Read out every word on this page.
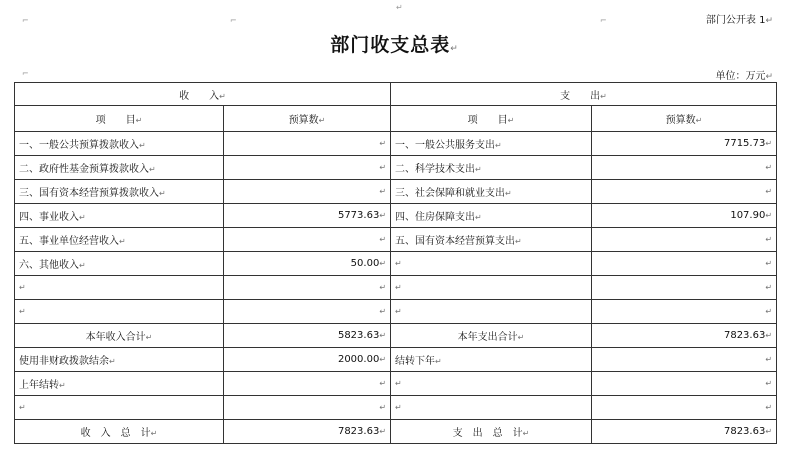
⌐	⌐
↵
⌐
⌐
部门公开表 1↵
部门收支总表↵
单位：万元↵
收　　入↵		支　　出↵	
项　　目↵	预算数↵	项　　目↵	预算数↵
一、一般公共预算拨款收入↵	↵	一、一般公共服务支出↵	7715.73↵
二、政府性基金预算拨款收入↵	↵	二、科学技术支出↵	↵
三、国有资本经营预算拨款收入↵	↵	三、社会保障和就业支出↵	↵
四、事业收入↵	5773.63↵	四、住房保障支出↵	107.90↵
五、事业单位经营收入↵	↵	五、国有资本经营预算支出↵	↵
六、其他收入↵	50.00↵	↵	↵
↵	↵	↵	↵
↵	↵	↵	↵
本年收入合计↵	5823.63↵	本年支出合计↵	7823.63↵
使用非财政拨款结余↵	2000.00↵	结转下年↵	↵
上年结转↵	↵	↵	↵
↵	↵	↵	↵
收　入　总　计↵	7823.63↵	支　出　总　计↵	7823.63↵
